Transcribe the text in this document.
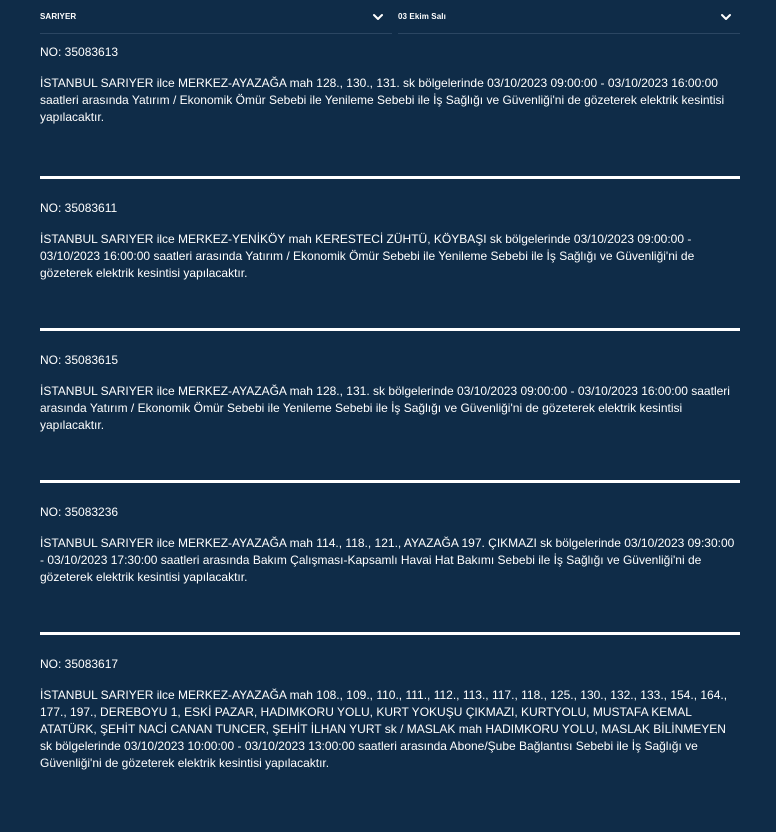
SARIYER	03 Ekim Salı

NO: 35083613

İSTANBUL SARIYER ilce MERKEZ-AYAZAĞA mah 128., 130., 131. sk bölgelerinde 03/10/2023 09:00:00 - 03/10/2023 16:00:00 saatleri arasında Yatırım / Ekonomik Ömür Sebebi ile Yenileme Sebebi ile İş Sağlığı ve Güvenliği'ni de gözeterek elektrik kesintisi yapılacaktır.

NO: 35083611

İSTANBUL SARIYER ilce MERKEZ-YENİKÖY mah KERESTECİ ZÜHTÜ, KÖYBAŞI sk bölgelerinde 03/10/2023 09:00:00 - 03/10/2023 16:00:00 saatleri arasında Yatırım / Ekonomik Ömür Sebebi ile Yenileme Sebebi ile İş Sağlığı ve Güvenliği'ni de gözeterek elektrik kesintisi yapılacaktır.

NO: 35083615

İSTANBUL SARIYER ilce MERKEZ-AYAZAĞA mah 128., 131. sk bölgelerinde 03/10/2023 09:00:00 - 03/10/2023 16:00:00 saatleri arasında Yatırım / Ekonomik Ömür Sebebi ile Yenileme Sebebi ile İş Sağlığı ve Güvenliği'ni de gözeterek elektrik kesintisi yapılacaktır.

NO: 35083236

İSTANBUL SARIYER ilce MERKEZ-AYAZAĞA mah 114., 118., 121., AYAZAĞA 197. ÇIKMAZI sk bölgelerinde 03/10/2023 09:30:00 - 03/10/2023 17:30:00 saatleri arasında Bakım Çalışması-Kapsamlı Havai Hat Bakımı Sebebi ile İş Sağlığı ve Güvenliği'ni de gözeterek elektrik kesintisi yapılacaktır.

NO: 35083617

İSTANBUL SARIYER ilce MERKEZ-AYAZAĞA mah 108., 109., 110., 111., 112., 113., 117., 118., 125., 130., 132., 133., 154., 164., 177., 197., DEREBOYU 1, ESKİ PAZAR, HADIMKORU YOLU, KURT YOKUŞU ÇIKMAZI, KURTYOLU, MUSTAFA KEMAL ATATÜRK, ŞEHİT NACİ CANAN TUNCER, ŞEHİT İLHAN YURT sk / MASLAK mah HADIMKORU YOLU, MASLAK BİLİNMEYEN sk bölgelerinde 03/10/2023 10:00:00 - 03/10/2023 13:00:00 saatleri arasında Abone/Şube Bağlantısı Sebebi ile İş Sağlığı ve Güvenliği'ni de gözeterek elektrik kesintisi yapılacaktır.
